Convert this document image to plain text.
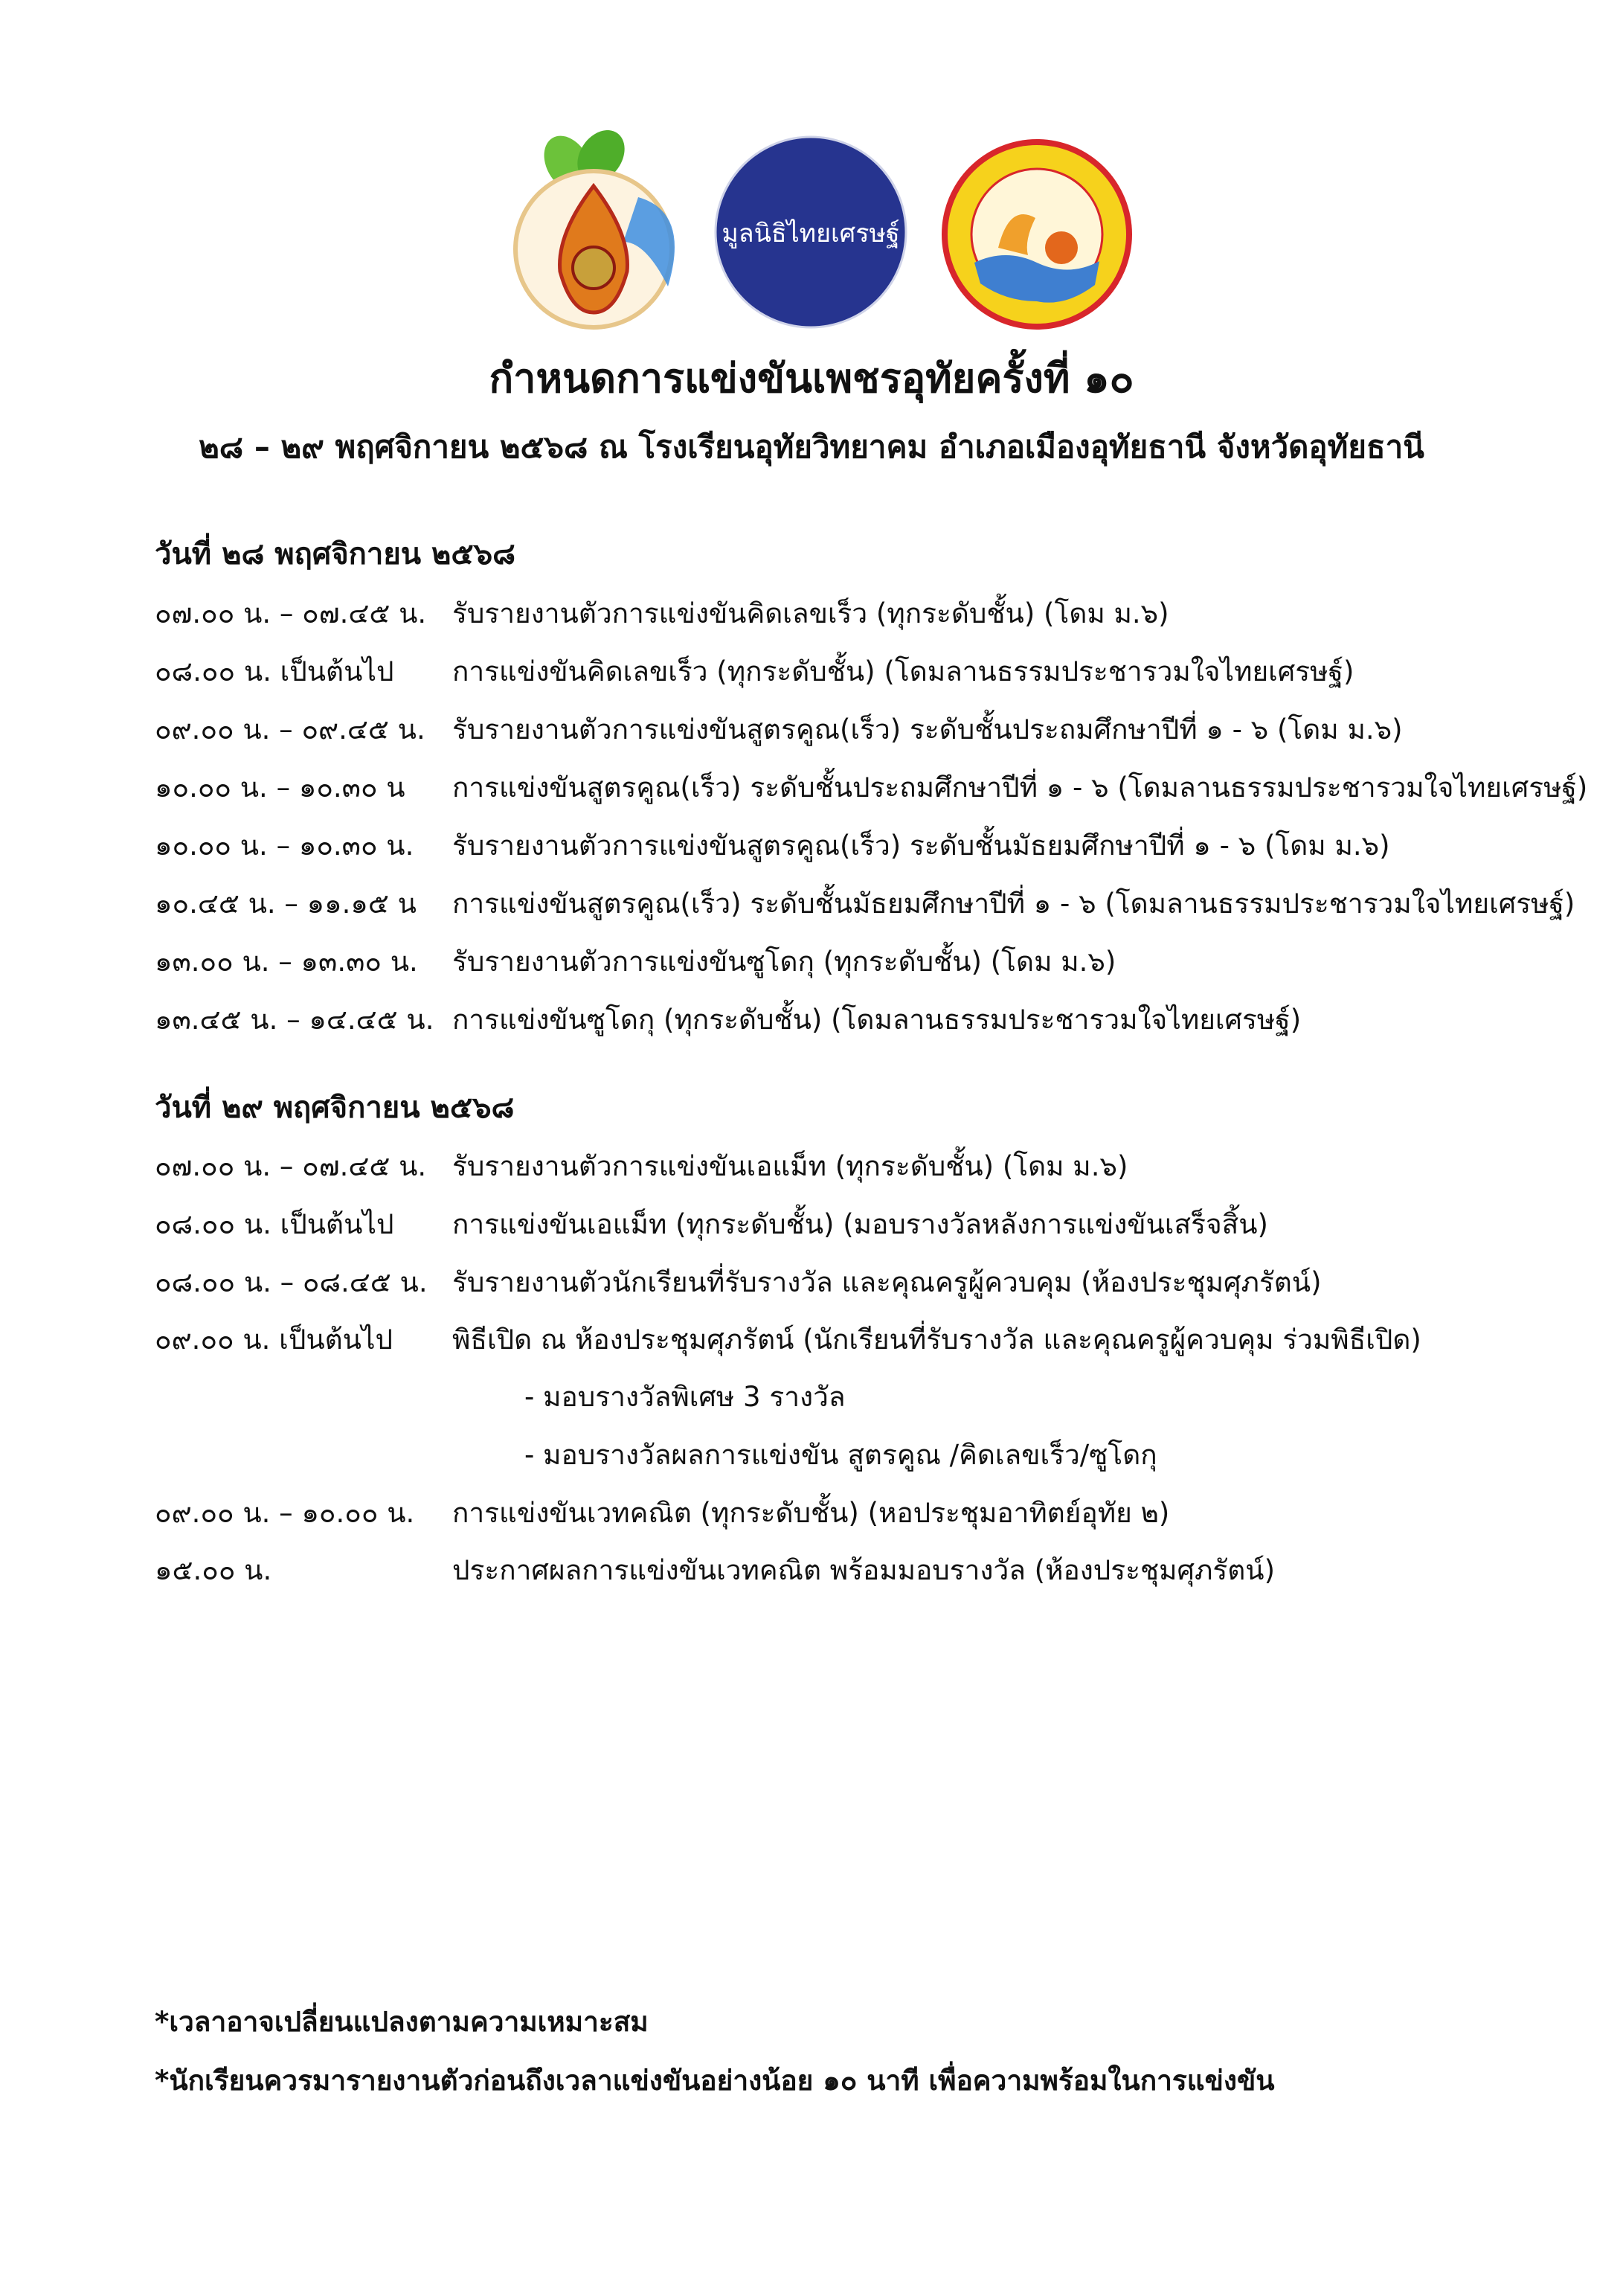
มูลนิธิไทยเศรษฐ์
กำหนดการแข่งขันเพชรอุทัยครั้งที่ ๑๐
๒๘ – ๒๙ พฤศจิกายน ๒๕๖๘ ณ โรงเรียนอุทัยวิทยาคม อำเภอเมืองอุทัยธานี จังหวัดอุทัยธานี
วันที่ ๒๘ พฤศจิกายน ๒๕๖๘
๐๗.๐๐ น. – ๐๗.๔๕ น. รับรายงานตัวการแข่งขันคิดเลขเร็ว (ทุกระดับชั้น) (โดม ม.๖)
๐๘.๐๐ น. เป็นต้นไป การแข่งขันคิดเลขเร็ว (ทุกระดับชั้น) (โดมลานธรรมประชารวมใจไทยเศรษฐ์)
๐๙.๐๐ น. – ๐๙.๔๕ น. รับรายงานตัวการแข่งขันสูตรคูณ(เร็ว) ระดับชั้นประถมศึกษาปีที่ ๑ - ๖ (โดม ม.๖)
๑๐.๐๐ น. – ๑๐.๓๐ น การแข่งขันสูตรคูณ(เร็ว) ระดับชั้นประถมศึกษาปีที่ ๑ - ๖ (โดมลานธรรมประชารวมใจไทยเศรษฐ์)
๑๐.๐๐ น. – ๑๐.๓๐ น. รับรายงานตัวการแข่งขันสูตรคูณ(เร็ว) ระดับชั้นมัธยมศึกษาปีที่ ๑ - ๖ (โดม ม.๖)
๑๐.๔๕ น. – ๑๑.๑๕ น การแข่งขันสูตรคูณ(เร็ว) ระดับชั้นมัธยมศึกษาปีที่ ๑ - ๖ (โดมลานธรรมประชารวมใจไทยเศรษฐ์)
๑๓.๐๐ น. – ๑๓.๓๐ น. รับรายงานตัวการแข่งขันซูโดกุ (ทุกระดับชั้น) (โดม ม.๖)
๑๓.๔๕ น. – ๑๔.๔๕ น. การแข่งขันซูโดกุ (ทุกระดับชั้น) (โดมลานธรรมประชารวมใจไทยเศรษฐ์)
วันที่ ๒๙ พฤศจิกายน ๒๕๖๘
๐๗.๐๐ น. – ๐๗.๔๕ น. รับรายงานตัวการแข่งขันเอแม็ท (ทุกระดับชั้น) (โดม ม.๖)
๐๘.๐๐ น. เป็นต้นไป การแข่งขันเอแม็ท (ทุกระดับชั้น) (มอบรางวัลหลังการแข่งขันเสร็จสิ้น)
๐๘.๐๐ น. – ๐๘.๔๕ น. รับรายงานตัวนักเรียนที่รับรางวัล และคุณครูผู้ควบคุม (ห้องประชุมศุภรัตน์)
๐๙.๐๐ น. เป็นต้นไป พิธีเปิด ณ ห้องประชุมศุภรัตน์ (นักเรียนที่รับรางวัล และคุณครูผู้ควบคุม ร่วมพิธีเปิด)
- มอบรางวัลพิเศษ 3 รางวัล
- มอบรางวัลผลการแข่งขัน สูตรคูณ /คิดเลขเร็ว/ซูโดกุ
๐๙.๐๐ น. – ๑๐.๐๐ น. การแข่งขันเวทคณิต (ทุกระดับชั้น) (หอประชุมอาทิตย์อุทัย ๒)
๑๕.๐๐ น.	ประกาศผลการแข่งขันเวทคณิต พร้อมมอบรางวัล (ห้องประชุมศุภรัตน์)
*เวลาอาจเปลี่ยนแปลงตามความเหมาะสม
*นักเรียนควรมารายงานตัวก่อนถึงเวลาแข่งขันอย่างน้อย ๑๐ นาที เพื่อความพร้อมในการแข่งขัน
